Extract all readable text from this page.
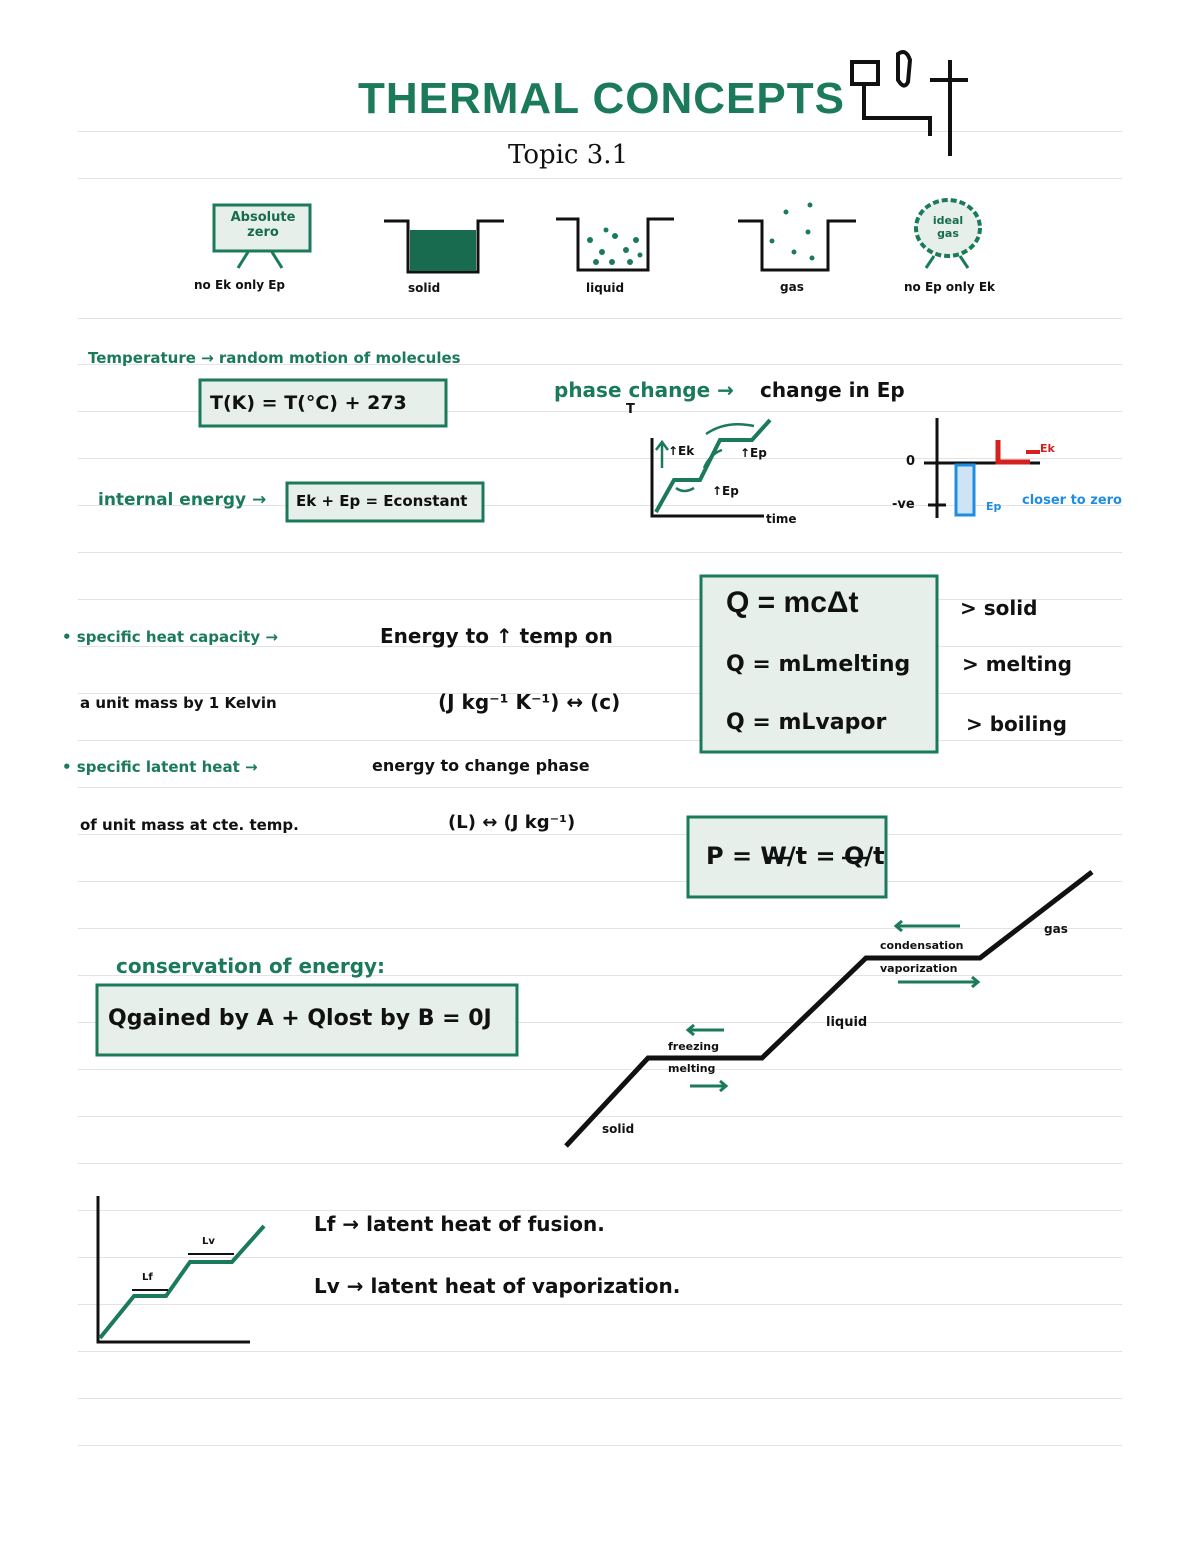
THERMAL CONCEPTS
Topic 3.1
Absolute zero
no Ek only Ep	solid	liquid	gas
ideal gas
no Ep only Ek
Temperature → random motion of molecules
T(K) = T(°C) + 273
internal energy → Ek + Ep = Econstant
phase change → change in Ep
T
time
↑Ek	↑Ep
↑Ep
0
-ve
Ek
Ep closer to zero
• specific heat capacity →	Energy to ↑ temp on
a unit mass by 1 Kelvin	(J kg⁻¹ K⁻¹) ↔ (c)
• specific latent heat →	energy to change phase
of unit mass at cte. temp.	(L) ↔ (J kg⁻¹)
Q = mcΔt
Q = mLmelting
Q = mLvapor
> solid
> melting
> boiling
P = W/t = Q/t
conservation of energy:
Qgained by A + Qlost by B = 0J
solid
liquid
gas
freezing
melting
condensation
vaporization
Lf
Lv
Lf → latent heat of fusion.
Lv → latent heat of vaporization.
